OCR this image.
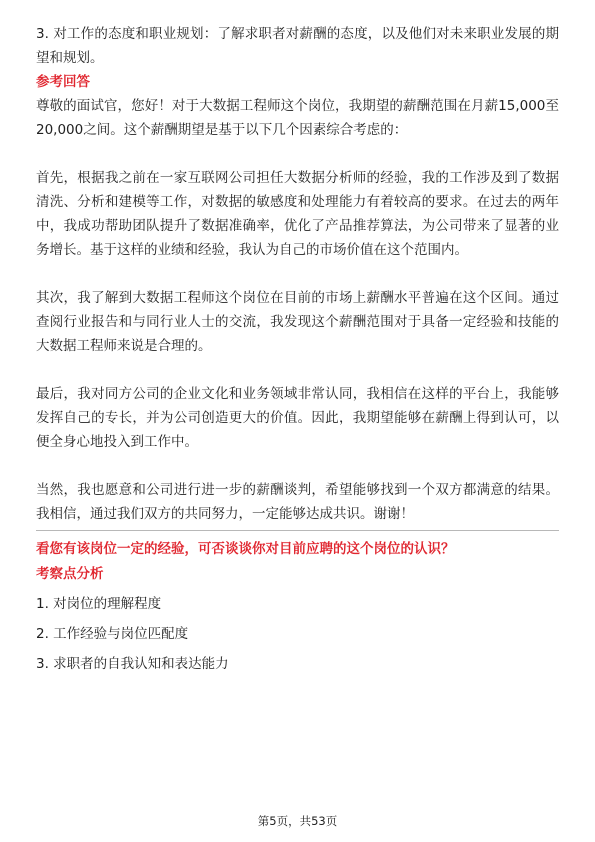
3. 对工作的态度和职业规划：了解求职者对薪酬的态度，以及他们对未来职业发展的期望和规划。

参考回答

尊敬的面试官，您好！对于大数据工程师这个岗位，我期望的薪酬范围在月薪15,000至20,000之间。这个薪酬期望是基于以下几个因素综合考虑的：

首先，根据我之前在一家互联网公司担任大数据分析师的经验，我的工作涉及到了数据清洗、分析和建模等工作，对数据的敏感度和处理能力有着较高的要求。在过去的两年中，我成功帮助团队提升了数据准确率，优化了产品推荐算法，为公司带来了显著的业务增长。基于这样的业绩和经验，我认为自己的市场价值在这个范围内。

其次，我了解到大数据工程师这个岗位在目前的市场上薪酬水平普遍在这个区间。通过查阅行业报告和与同行业人士的交流，我发现这个薪酬范围对于具备一定经验和技能的大数据工程师来说是合理的。

最后，我对同方公司的企业文化和业务领域非常认同，我相信在这样的平台上，我能够发挥自己的专长，并为公司创造更大的价值。因此，我期望能够在薪酬上得到认可，以便全身心地投入到工作中。

当然，我也愿意和公司进行进一步的薪酬谈判，希望能够找到一个双方都满意的结果。我相信，通过我们双方的共同努力，一定能够达成共识。谢谢！

看您有该岗位一定的经验，可否谈谈你对目前应聘的这个岗位的认识？
考察点分析
1. 对岗位的理解程度
2. 工作经验与岗位匹配度
3. 求职者的自我认知和表达能力
第5页，共53页
